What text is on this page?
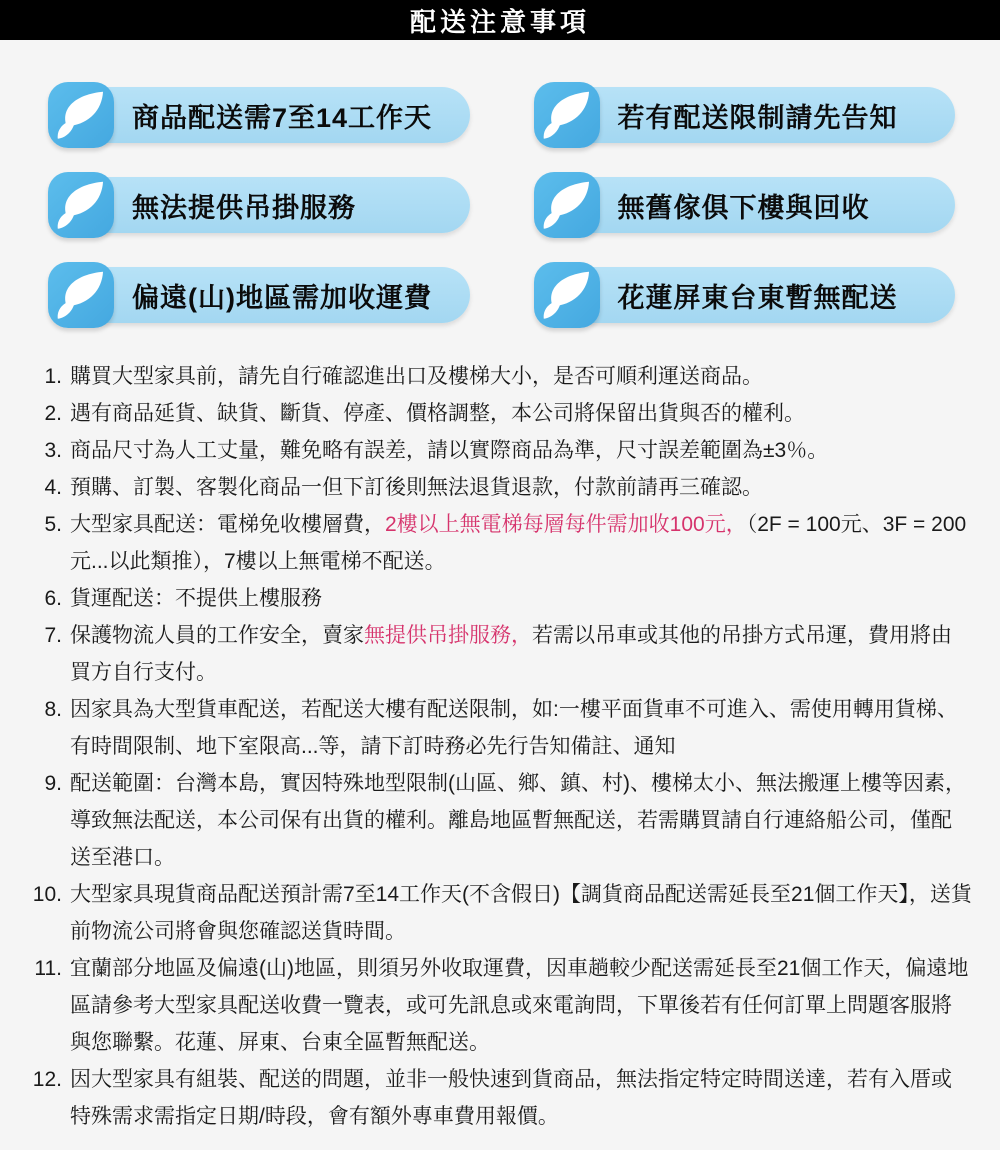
配送注意事項
商品配送需7至14工作天	若有配送限制請先告知
無法提供吊掛服務	無舊傢俱下樓與回收
偏遠(山)地區需加收運費	花蓮屏東台東暫無配送
1. 購買大型家具前，請先自行確認進出口及樓梯大小，是否可順利運送商品。
2. 遇有商品延貨、缺貨、斷貨、停產、價格調整，本公司將保留出貨與否的權利。
3. 商品尺寸為人工丈量，難免略有誤差，請以實際商品為準，尺寸誤差範圍為±3％。
4. 預購、訂製、客製化商品一但下訂後則無法退貨退款，付款前請再三確認。
5. 大型家具配送：電梯免收樓層費，2樓以上無電梯每層每件需加收100元，（2F = 100元、3F = 200元...以此類推），7樓以上無電梯不配送。
6. 貨運配送：不提供上樓服務
7. 保護物流人員的工作安全，賣家無提供吊掛服務，若需以吊車或其他的吊掛方式吊運，費用將由買方自行支付。
8. 因家具為大型貨車配送，若配送大樓有配送限制，如:一樓平面貨車不可進入、需使用轉用貨梯、有時間限制、地下室限高...等，請下訂時務必先行告知備註、通知
9. 配送範圍：台灣本島，實因特殊地型限制(山區、鄉、鎮、村)、樓梯太小、無法搬運上樓等因素，導致無法配送，本公司保有出貨的權利。離島地區暫無配送，若需購買請自行連絡船公司，僅配送至港口。
10. 大型家具現貨商品配送預計需7至14工作天(不含假日)【調貨商品配送需延長至21個工作天】，送貨前物流公司將會與您確認送貨時間。
11. 宜蘭部分地區及偏遠(山)地區，則須另外收取運費，因車趟較少配送需延長至21個工作天，偏遠地區請參考大型家具配送收費一覽表，或可先訊息或來電詢問，下單後若有任何訂單上問題客服將與您聯繫。花蓮、屏東、台東全區暫無配送。
12. 因大型家具有組裝、配送的問題，並非一般快速到貨商品，無法指定特定時間送達，若有入厝或特殊需求需指定日期/時段，會有額外專車費用報價。
